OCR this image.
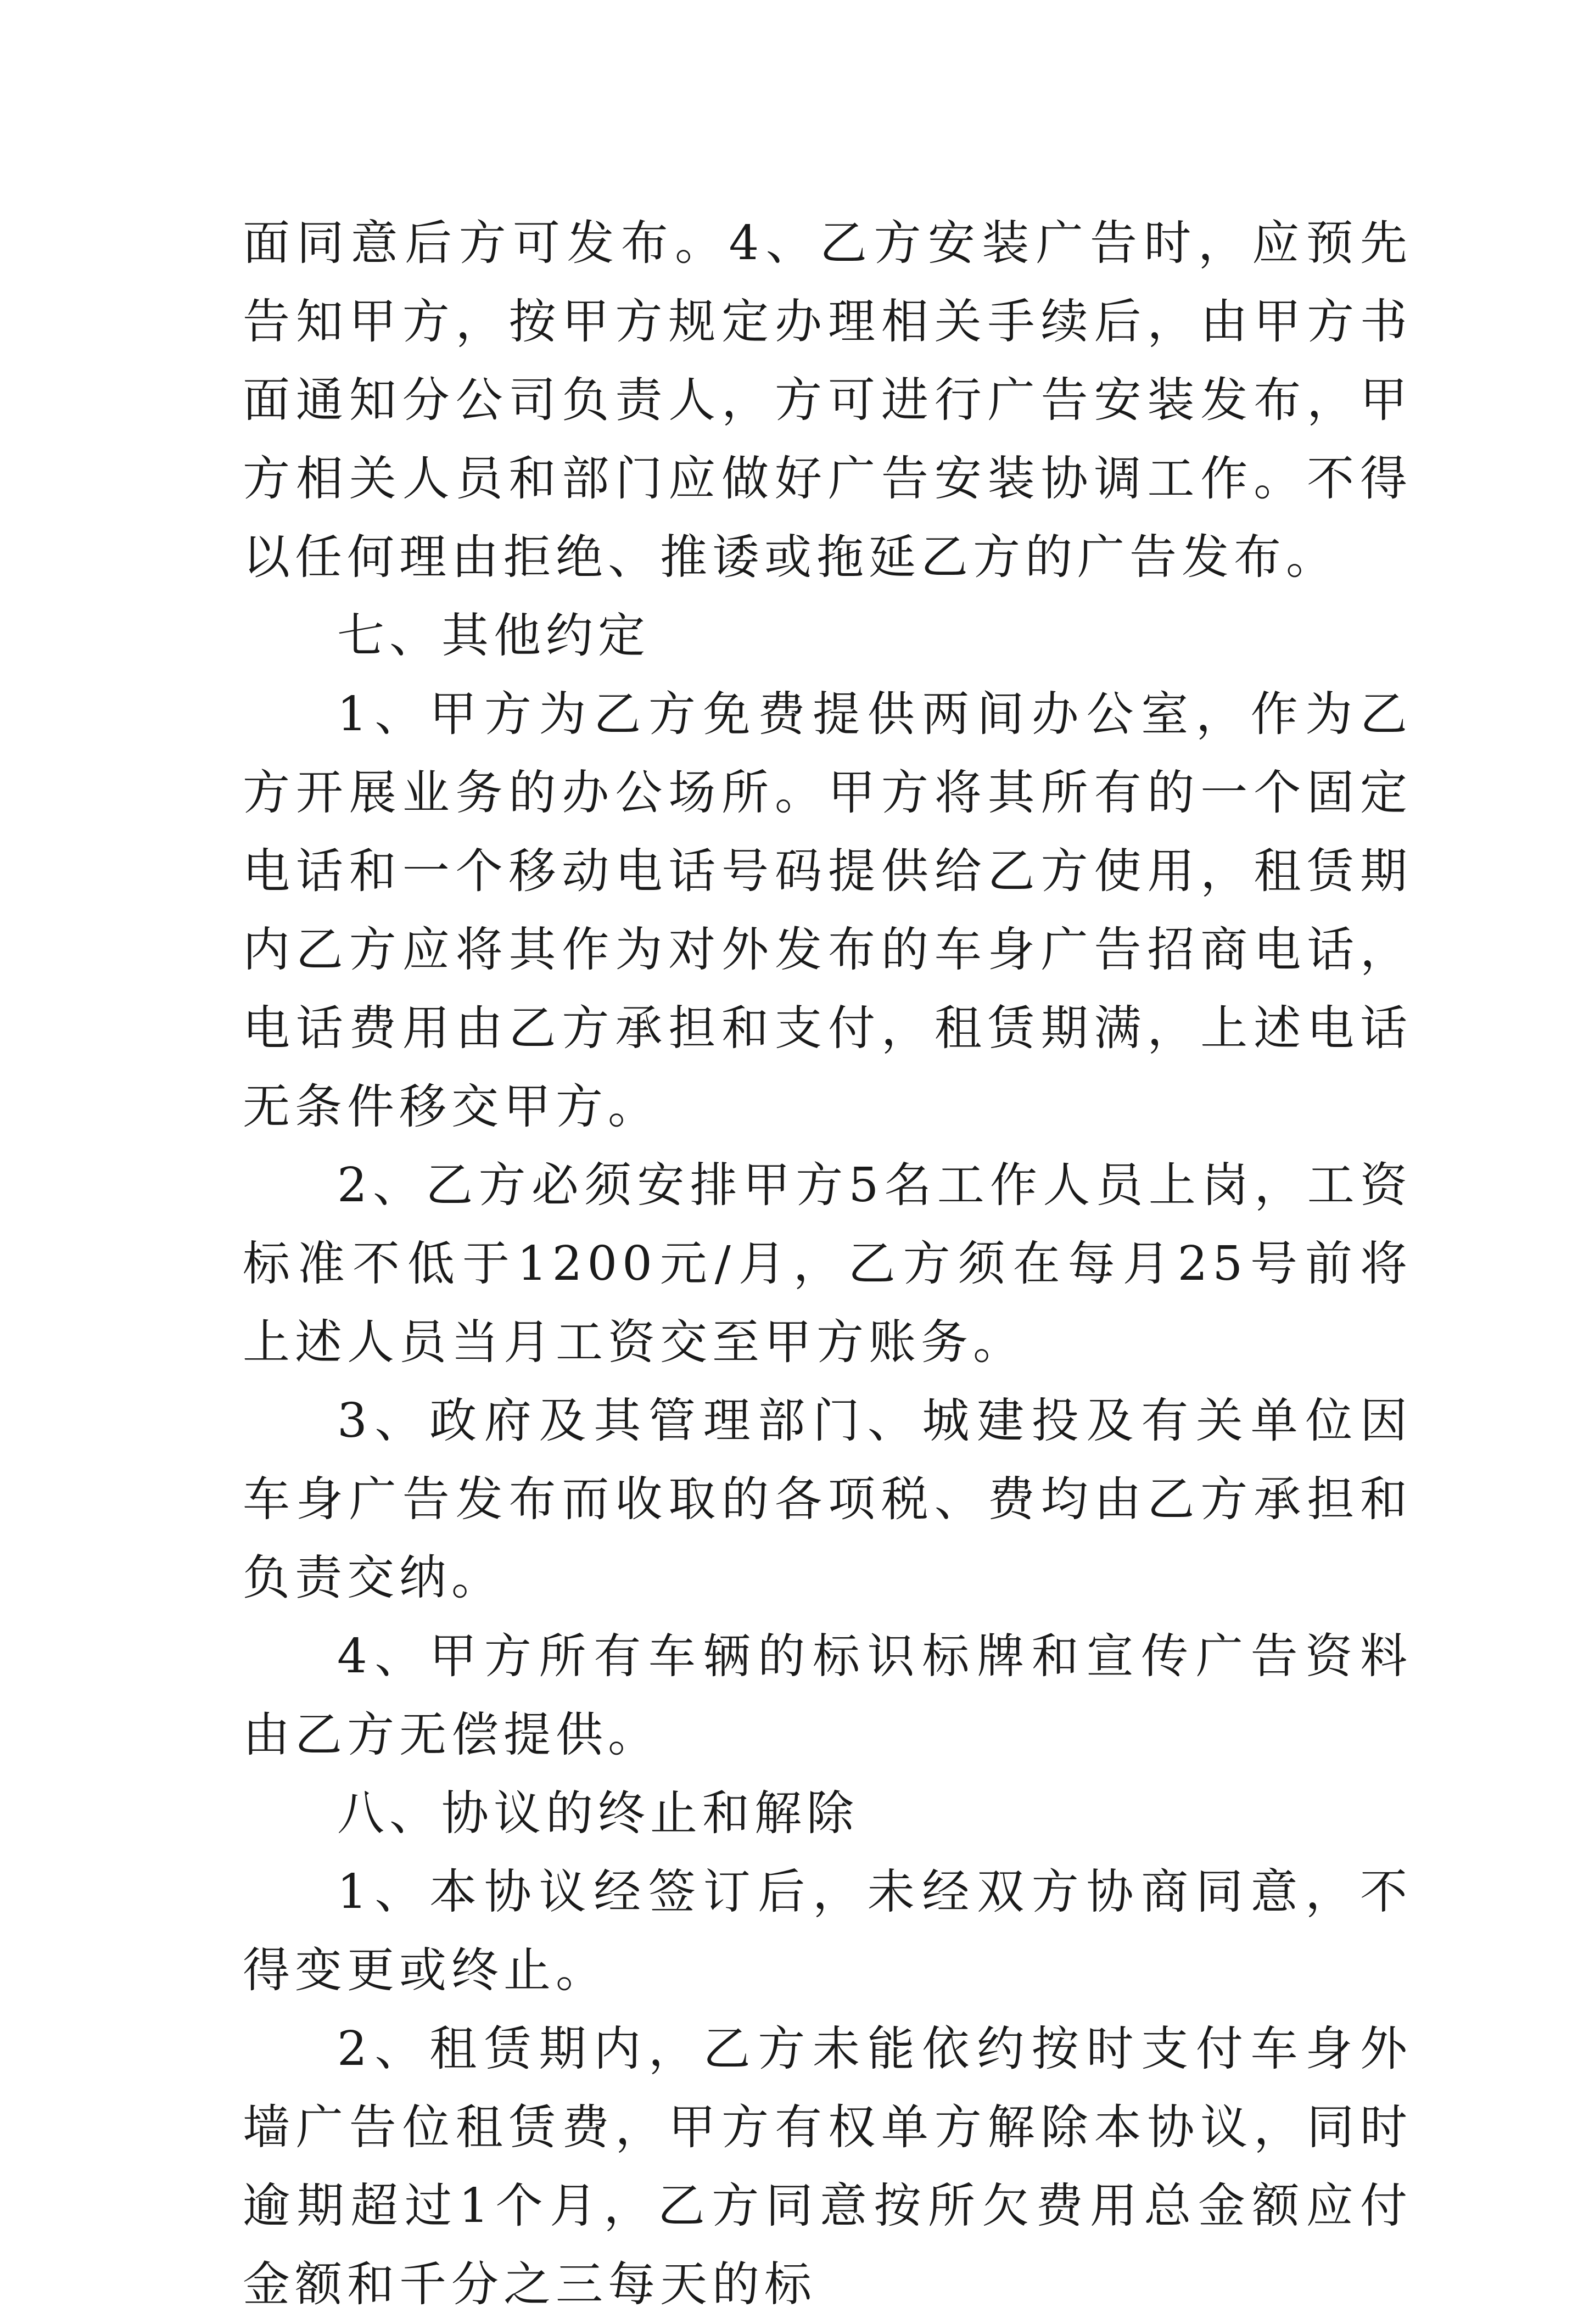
面同意后方可发布。4、乙方安装广告时，应预先告知甲方，按甲方规定办理相关手续后，由甲方书面通知分公司负责人，方可进行广告安装发布，甲方相关人员和部门应做好广告安装协调工作。不得以任何理由拒绝、推诿或拖延乙方的广告发布。

七、其他约定

1、甲方为乙方免费提供两间办公室，作为乙方开展业务的办公场所。甲方将其所有的一个固定电话和一个移动电话号码提供给乙方使用，租赁期内乙方应将其作为对外发布的车身广告招商电话，电话费用由乙方承担和支付，租赁期满，上述电话无条件移交甲方。

2、乙方必须安排甲方5名工作人员上岗，工资标准不低于1200元/月，乙方须在每月25号前将上述人员当月工资交至甲方账务。

3、政府及其管理部门、城建投及有关单位因车身广告发布而收取的各项税、费均由乙方承担和负责交纳。

4、甲方所有车辆的标识标牌和宣传广告资料由乙方无偿提供。

八、协议的终止和解除

1、本协议经签订后，未经双方协商同意，不得变更或终止。

2、租赁期内，乙方未能依约按时支付车身外墙广告位租赁费，甲方有权单方解除本协议，同时逾期超过1个月，乙方同意按所欠费用总金额应付金额和千分之三每天的标
